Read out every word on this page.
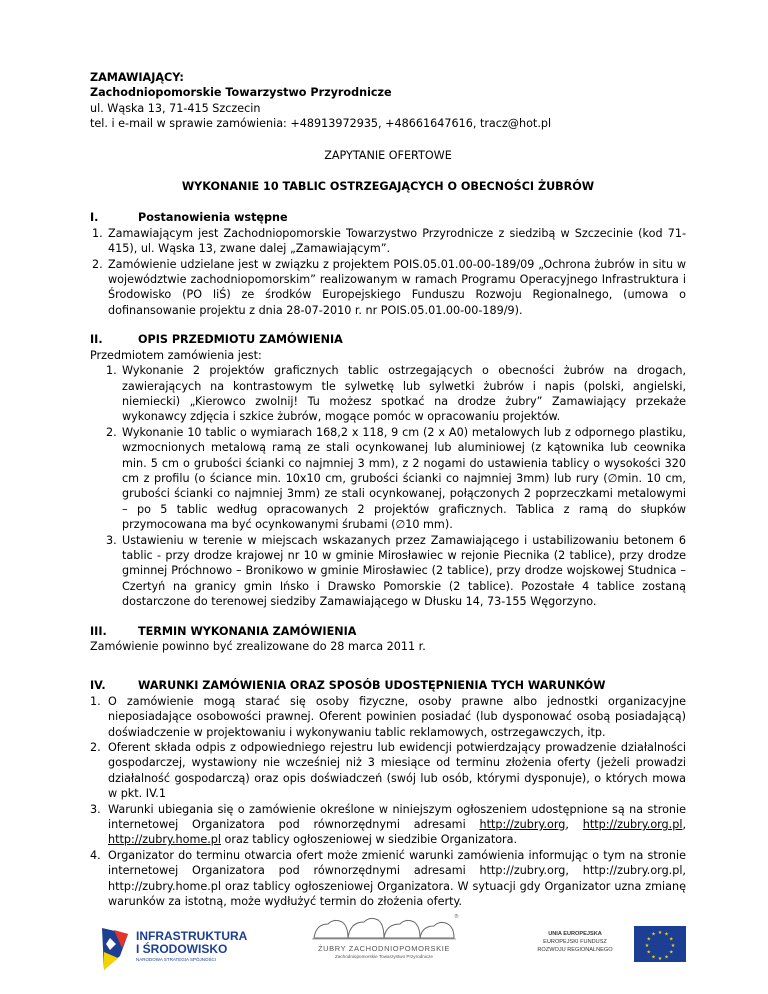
ZAMAWIAJĄCY:
Zachodniopomorskie Towarzystwo Przyrodnicze
ul. Wąska 13, 71-415 Szczecin
tel. i e-mail w sprawie zamówienia: +48913972935, +48661647616, tracz@hot.pl
ZAPYTANIE OFERTOWE
WYKONANIE 10 TABLIC OSTRZEGAJĄCYCH O OBECNOŚCI ŻUBRÓW
I.	Postanowienia wstępne
1. Zamawiającym jest Zachodniopomorskie Towarzystwo Przyrodnicze z siedzibą w Szczecinie (kod 71-415), ul. Wąska 13, zwane dalej „Zamawiającym”.
2. Zamówienie udzielane jest w związku z projektem POIS.05.01.00-00-189/09 „Ochrona żubrów in situ w województwie zachodniopomorskim” realizowanym w ramach Programu Operacyjnego Infrastruktura i Środowisko (PO IiŚ) ze środków Europejskiego Funduszu Rozwoju Regionalnego, (umowa o dofinansowanie projektu z dnia 28-07-2010 r. nr POIS.05.01.00-00-189/9).
II.	OPIS PRZEDMIOTU ZAMÓWIENIA
Przedmiotem zamówienia jest:
1. Wykonanie 2 projektów graficznych tablic ostrzegających o obecności żubrów na drogach, zawierających na kontrastowym tle sylwetkę lub sylwetki żubrów i napis (polski, angielski, niemiecki) „Kierowco zwolnij! Tu możesz spotkać na drodze żubry” Zamawiający przekaże wykonawcy zdjęcia i szkice żubrów, mogące pomóc w opracowaniu projektów.
2. Wykonanie 10 tablic o wymiarach 168,2 x 118, 9 cm (2 x A0) metalowych lub z odpornego plastiku, wzmocnionych metalową ramą ze stali ocynkowanej lub aluminiowej (z kątownika lub ceownika min. 5 cm o grubości ścianki co najmniej 3 mm), z 2 nogami do ustawienia tablicy o wysokości 320 cm z profilu (o ściance min. 10x10 cm, grubości ścianki co najmniej 3mm) lub rury (∅min. 10 cm, grubości ścianki co najmniej 3mm) ze stali ocynkowanej, połączonych 2 poprzeczkami metalowymi – po 5 tablic według opracowanych 2 projektów graficznych. Tablica z ramą do słupków przymocowana ma być ocynkowanymi śrubami (∅10 mm).
3. Ustawieniu w terenie w miejscach wskazanych przez Zamawiającego i ustabilizowaniu betonem 6 tablic - przy drodze krajowej nr 10 w gminie Mirosławiec w rejonie Piecnika (2 tablice), przy drodze gminnej Próchnowo – Bronikowo w gminie Mirosławiec (2 tablice), przy drodze wojskowej Studnica – Czertyń na granicy gmin Ińsko i Drawsko Pomorskie (2 tablice). Pozostałe 4 tablice zostaną dostarczone do terenowej siedziby Zamawiającego w Dłusku 14, 73-155 Węgorzyno.
III.	TERMIN WYKONANIA ZAMÓWIENIA
Zamówienie powinno być zrealizowane do 28 marca 2011 r.
IV.	WARUNKI ZAMÓWIENIA ORAZ SPOSÓB UDOSTĘPNIENIA TYCH WARUNKÓW
1. O zamówienie mogą starać się osoby fizyczne, osoby prawne albo jednostki organizacyjne nieposiadające osobowości prawnej. Oferent powinien posiadać (lub dysponować osobą posiadającą) doświadczenie w projektowaniu i wykonywaniu tablic reklamowych, ostrzegawczych, itp.
2. Oferent składa odpis z odpowiedniego rejestru lub ewidencji potwierdzający prowadzenie działalności gospodarczej, wystawiony nie wcześniej niż 3 miesiące od terminu złożenia oferty (jeżeli prowadzi działalność gospodarczą) oraz opis doświadczeń (swój lub osób, którymi dysponuje), o których mowa w pkt. IV.1
3. Warunki ubiegania się o zamówienie określone w niniejszym ogłoszeniem udostępnione są na stronie internetowej Organizatora pod równorzędnymi adresami http://zubry.org, http://zubry.org.pl, http://zubry.home.pl oraz tablicy ogłoszeniowej w siedzibie Organizatora.
4. Organizator do terminu otwarcia ofert może zmienić warunki zamówienia informując o tym na stronie internetowej Organizatora pod równorzędnymi adresami http://zubry.org, http://zubry.org.pl, http://zubry.home.pl oraz tablicy ogłoszeniowej Organizatora. W sytuacji gdy Organizator uzna zmianę warunków za istotną, może wydłużyć termin do złożenia oferty.
INFRASTRUKTURA
I ŚRODOWISKO
NARODOWA STRATEGIA SPÓJNOŚCI
®
ŻUBRY ZACHODNIOPOMORSKIE
Zachodniopomorskie Towarzystwo Przyrodnicze
UNIA EUROPEJSKA
EUROPEJSKI FUNDUSZ
ROZWOJU REGIONALNEGO
★ ★
★
★
★
★
★
★
★
★
★
★
